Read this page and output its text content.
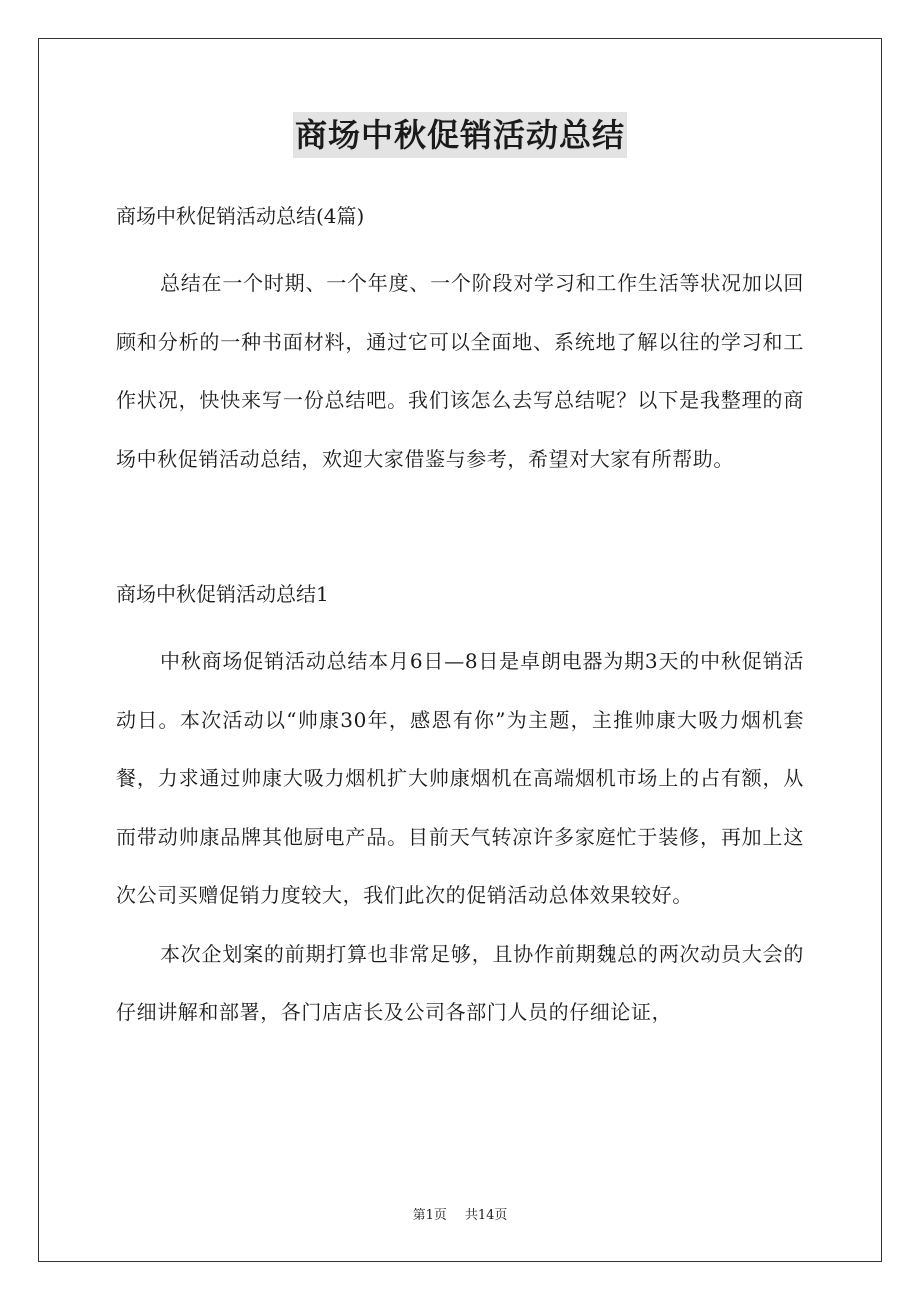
商场中秋促销活动总结

商场中秋促销活动总结(4篇)

总结在一个时期、一个年度、一个阶段对学习和工作生活等状况加以回顾和分析的一种书面材料，通过它可以全面地、系统地了解以往的学习和工作状况，快快来写一份总结吧。我们该怎么去写总结呢？以下是我整理的商场中秋促销活动总结，欢迎大家借鉴与参考，希望对大家有所帮助。

商场中秋促销活动总结1

中秋商场促销活动总结本月6日—8日是卓朗电器为期3天的中秋促销活动日。本次活动以“帅康30年，感恩有你”为主题，主推帅康大吸力烟机套餐，力求通过帅康大吸力烟机扩大帅康烟机在高端烟机市场上的占有额，从而带动帅康品牌其他厨电产品。目前天气转凉许多家庭忙于装修，再加上这次公司买赠促销力度较大，我们此次的促销活动总体效果较好。

本次企划案的前期打算也非常足够，且协作前期魏总的两次动员大会的仔细讲解和部署，各门店店长及公司各部门人员的仔细论证，

第1页 共14页
